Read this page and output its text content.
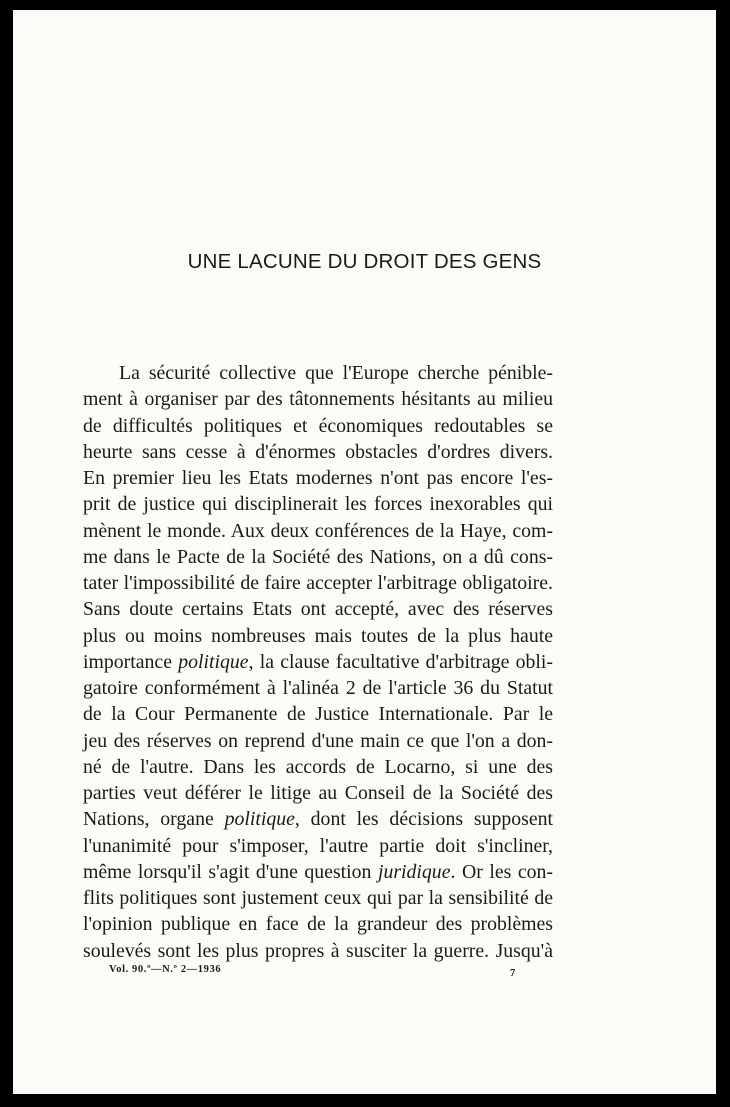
UNE LACUNE DU DROIT DES GENS
La sécurité collective que l'Europe cherche pénible-
ment à organiser par des tâtonnements hésitants au milieu
de difficultés politiques et économiques redoutables se
heurte sans cesse à d'énormes obstacles d'ordres divers.
En premier lieu les Etats modernes n'ont pas encore l'es-
prit de justice qui disciplinerait les forces inexorables qui
mènent le monde. Aux deux conférences de la Haye, com-
me dans le Pacte de la Société des Nations, on a dû cons-
tater l'impossibilité de faire accepter l'arbitrage obligatoire.
Sans doute certains Etats ont accepté, avec des réserves
plus ou moins nombreuses mais toutes de la plus haute
importance politique, la clause facultative d'arbitrage obli-
gatoire conformément à l'alinéa 2 de l'article 36 du Statut
de la Cour Permanente de Justice Internationale. Par le
jeu des réserves on reprend d'une main ce que l'on a don-
né de l'autre. Dans les accords de Locarno, si une des
parties veut déférer le litige au Conseil de la Société des
Nations, organe politique, dont les décisions supposent
l'unanimité pour s'imposer, l'autre partie doit s'incliner,
même lorsqu'il s'agit d'une question juridique. Or les con-
flits politiques sont justement ceux qui par la sensibilité de
l'opinion publique en face de la grandeur des problèmes
soulevés sont les plus propres à susciter la guerre. Jusqu'à
Vol. 90.º—N.º 2—1936	7
